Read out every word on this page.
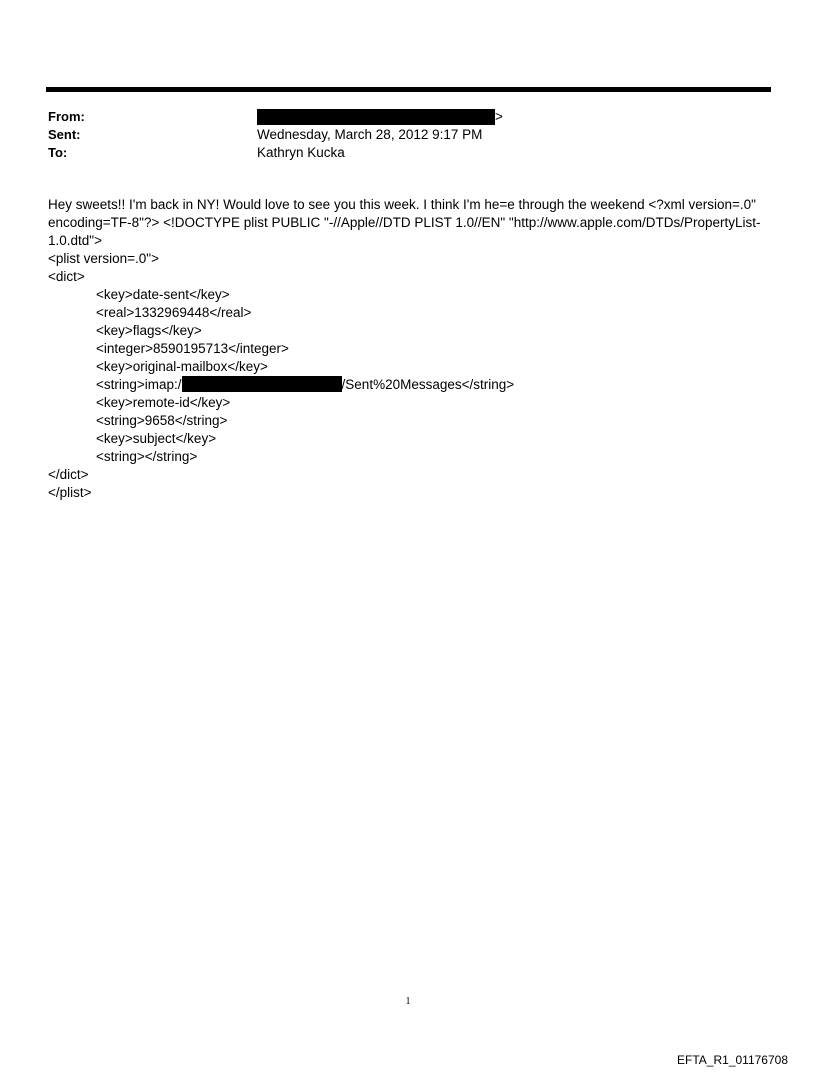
From:	>
Sent:	Wednesday, March 28, 2012 9:17 PM
To:	Kathryn Kucka

Hey sweets!! I'm back in NY! Would love to see you this week. I think I'm he=e through the weekend <?xml version=.0" encoding=TF-8"?> <!DOCTYPE plist PUBLIC "-//Apple//DTD PLIST 1.0//EN" "http://www.apple.com/DTDs/PropertyList-1.0.dtd">

<plist version=.0">
<dict>
<key>date-sent</key>
<real>1332969448</real>
<key>flags</key>
<integer>8590195713</integer>
<key>original-mailbox</key>
<string>imap:/	/Sent%20Messages</string>
<key>remote-id</key>
<string>9658</string>
<key>subject</key>
<string></string>
</dict>
</plist>
1
EFTA_R1_01176708
